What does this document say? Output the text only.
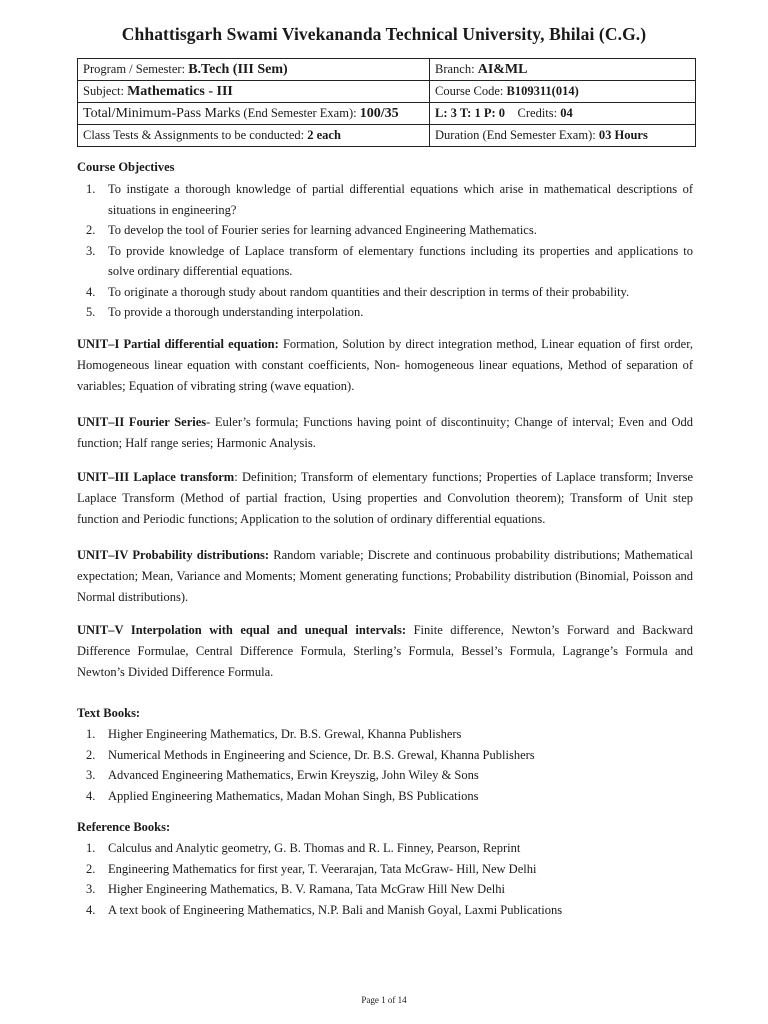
Chhattisgarh Swami Vivekananda Technical University, Bhilai (C.G.)
Program / Semester: B.Tech (III Sem)	Branch: AI&ML
Subject: Mathematics - III	Course Code: B109311(014)
Total/Minimum-Pass Marks (End Semester Exam): 100/35	L: 3 T: 1 P: 0 Credits: 04
Class Tests & Assignments to be conducted: 2 each	Duration (End Semester Exam): 03 Hours
Course Objectives
1. To instigate a thorough knowledge of partial differential equations which arise in mathematical descriptions of situations in engineering?
2. To develop the tool of Fourier series for learning advanced Engineering Mathematics.
3. To provide knowledge of Laplace transform of elementary functions including its properties and applications to solve ordinary differential equations.
4. To originate a thorough study about random quantities and their description in terms of their probability.
5. To provide a thorough understanding interpolation.
UNIT–I Partial differential equation: Formation, Solution by direct integration method, Linear equation of first order, Homogeneous linear equation with constant coefficients, Non- homogeneous linear equations, Method of separation of variables; Equation of vibrating string (wave equation).
UNIT–II Fourier Series- Euler’s formula; Functions having point of discontinuity; Change of interval; Even and Odd function; Half range series; Harmonic Analysis.
UNIT–III Laplace transform: Definition; Transform of elementary functions; Properties of Laplace transform; Inverse Laplace Transform (Method of partial fraction, Using properties and Convolution theorem); Transform of Unit step function and Periodic functions; Application to the solution of ordinary differential equations.
UNIT–IV Probability distributions: Random variable; Discrete and continuous probability distributions; Mathematical expectation; Mean, Variance and Moments; Moment generating functions; Probability distribution (Binomial, Poisson and Normal distributions).
UNIT–V Interpolation with equal and unequal intervals: Finite difference, Newton’s Forward and Backward Difference Formulae, Central Difference Formula, Sterling’s Formula, Bessel’s Formula, Lagrange’s Formula and Newton’s Divided Difference Formula.
Text Books:
1. Higher Engineering Mathematics, Dr. B.S. Grewal, Khanna Publishers
2. Numerical Methods in Engineering and Science, Dr. B.S. Grewal, Khanna Publishers
3. Advanced Engineering Mathematics, Erwin Kreyszig, John Wiley & Sons
4. Applied Engineering Mathematics, Madan Mohan Singh, BS Publications
Reference Books:
1. Calculus and Analytic geometry, G. B. Thomas and R. L. Finney, Pearson, Reprint
2. Engineering Mathematics for first year, T. Veerarajan, Tata McGraw- Hill, New Delhi
3. Higher Engineering Mathematics, B. V. Ramana, Tata McGraw Hill New Delhi
4. A text book of Engineering Mathematics, N.P. Bali and Manish Goyal, Laxmi Publications
Page 1 of 14
